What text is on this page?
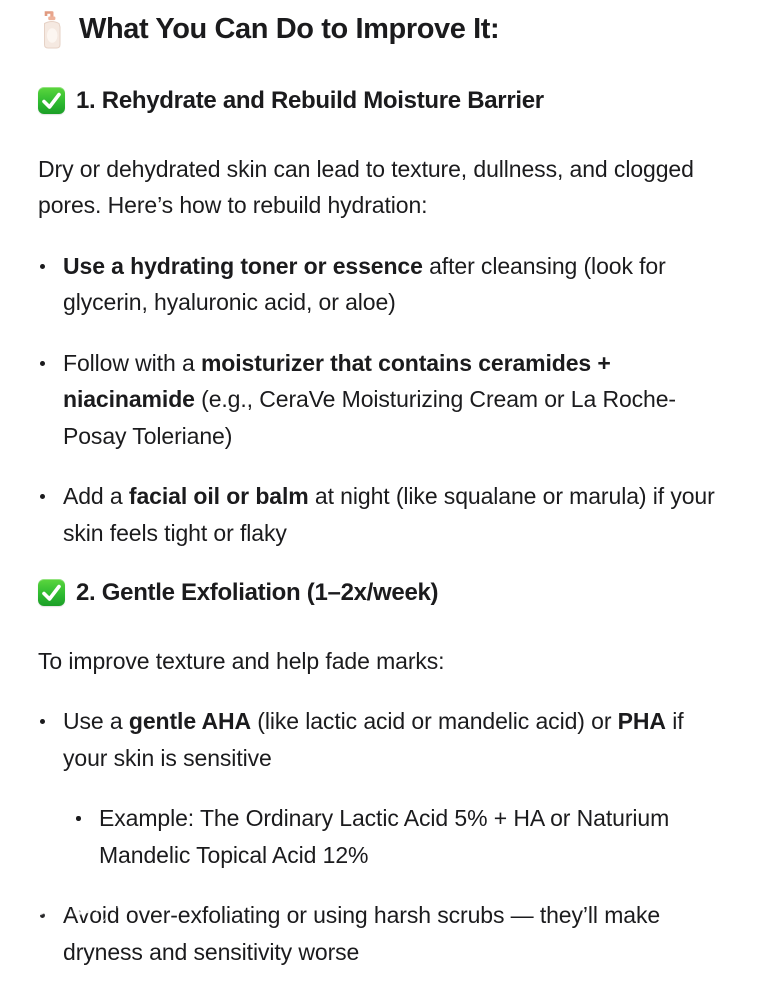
What You Can Do to Improve It:
1. Rehydrate and Rebuild Moisture Barrier

Dry or dehydrated skin can lead to texture, dullness, and clogged pores. Here’s how to rebuild hydration:

Use a hydrating toner or essence after cleansing (look for glycerin, hyaluronic acid, or aloe)
Follow with a moisturizer that contains ceramides + niacinamide (e.g., CeraVe Moisturizing Cream or La Roche-Posay Toleriane)
Add a facial oil or balm at night (like squalane or marula) if your skin feels tight or flaky
2. Gentle Exfoliation (1–2x/week)

To improve texture and help fade marks:

Use a gentle AHA (like lactic acid or mandelic acid) or PHA if your skin is sensitive
Example: The Ordinary Lactic Acid 5% + HA or Naturium Mandelic Topical Acid 12%
Avoid over-exfoliating or using harsh scrubs — they’ll make dryness and sensitivity worse
BeFunky
